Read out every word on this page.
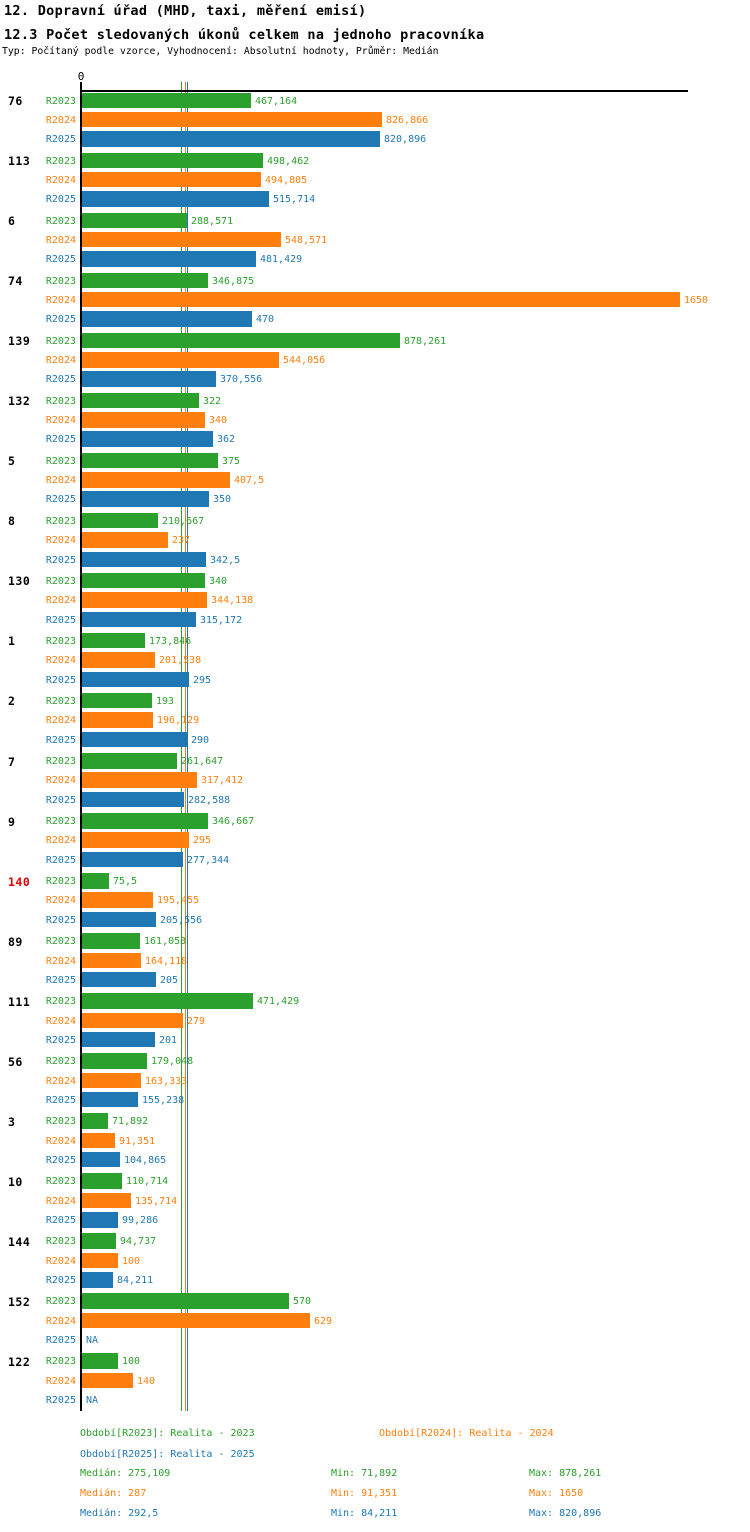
12. Dopravní úřad (MHD, taxi, měření emisí)
12.3 Počet sledovaných úkonů celkem na jednoho pracovníka
Typ: Počítaný podle vzorce, Vyhodnocení: Absolutní hodnoty, Průměr: Medián
76	R2023	467,164
R2024	826,866
R2025	820,896
113	R2023	498,462
R2024	494,805
R2025	515,714
6	R2023	288,571
R2024	548,571
R2025	481,429
74	R2023	346,875
R2024	1650
R2025	470
139	R2023	878,261
R2024	544,056
R2025	370,556
132	R2023	322
R2024	340
R2025	362
5	R2023	375
R2024	407,5
R2025	350
8	R2023	210,667
R2024	237
R2025	342,5
130	R2023	340
R2024	344,138
R2025	315,172
1	R2023	173,846
R2024	201,538
R2025	295
2	R2023	193
R2024	196,129
R2025	290
7	R2023	261,647
R2024	317,412
R2025	282,588
9	R2023	346,667
R2024	295
R2025	277,344
140	R2023	75,5
R2024	195,455
R2025	205,556
89	R2023	161,053
R2024	164,118
R2025	205
111	R2023	471,429
R2024	279
R2025	201
56	R2023	179,048
R2024	163,333
R2025	155,238
3	R2023	71,892
R2024	91,351
R2025	104,865
10	R2023	110,714
R2024	135,714
R2025	99,286
144	R2023	94,737
R2024	100
R2025	84,211
152	R2023	570
R2024	629
R2025 NA
122	R2023	100
R2024	140
R2025 NA
0
Období[R2023]: Realita - 2023	Období[R2024]: Realita - 2024
Období[R2025]: Realita - 2025
Medián: 275,109	Min: 71,892	Max: 878,261
Medián: 287	Min: 91,351	Max: 1650
Medián: 292,5	Min: 84,211	Max: 820,896
